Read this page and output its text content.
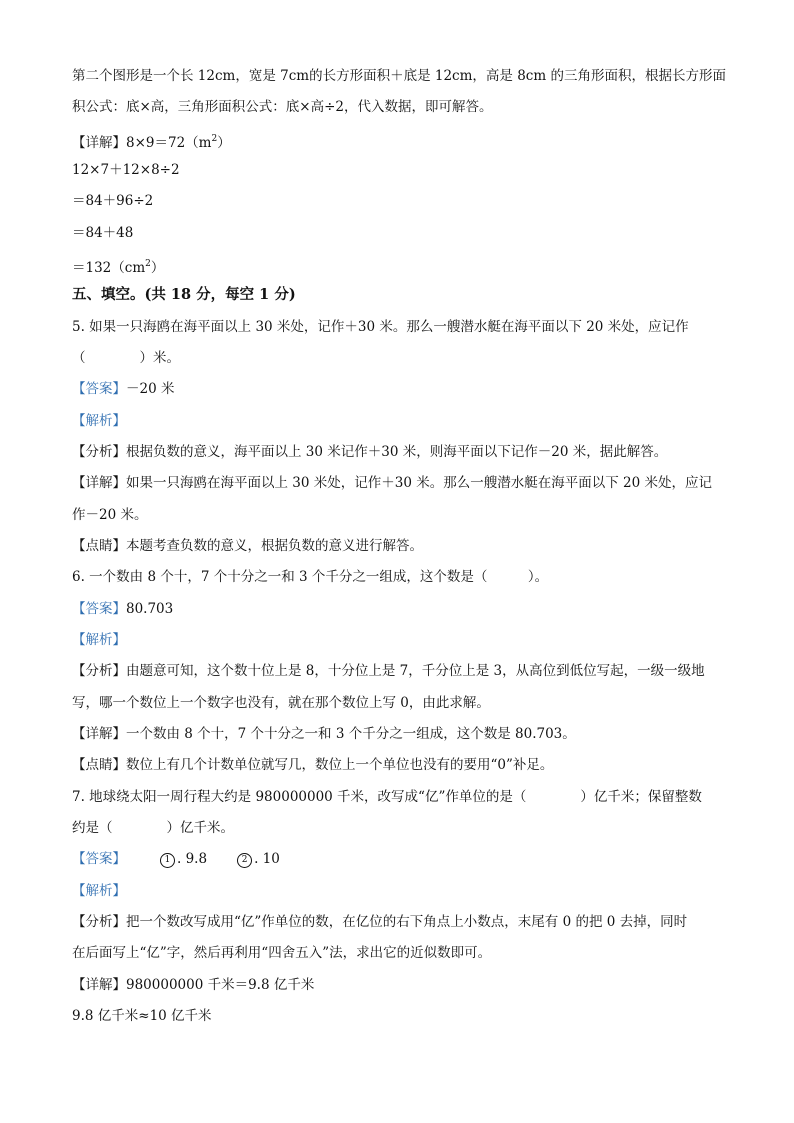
第二个图形是一个长 12cm，宽是 7cm的长方形面积＋底是 12cm，高是 8cm 的三角形面积，根据长方形面
积公式：底×高，三角形面积公式：底×高÷2，代入数据，即可解答。
【详解】$8\times 9=72(m^2)$
12×7＋12×8÷2
＝84＋96÷2
＝84＋48
$=132(cm^2)$
五、填空。(共 18 分，每空 1 分)
5. 如果一只海鸥在海平面以上 30 米处，记作＋30 米。那么一艘潜水艇在海平面以下 20 米处，应记作
（　　　　）米。
【答案】－20 米
【解析】
【分析】根据负数的意义，海平面以上 30 米记作＋30 米，则海平面以下记作－20 米，据此解答。
【详解】如果一只海鸥在海平面以上 30 米处，记作＋30 米。那么一艘潜水艇在海平面以下 20 米处，应记
作－20 米。
【点睛】本题考查负数的意义，根据负数的意义进行解答。
6. 一个数由 8 个十，7 个十分之一和 3 个千分之一组成，这个数是（　　　）。
【答案】80.703
【解析】
【分析】由题意可知，这个数十位上是 8，十分位上是 7，千分位上是 3，从高位到低位写起，一级一级地
写，哪一个数位上一个数字也没有，就在那个数位上写 0，由此求解。
【详解】一个数由 8 个十，7 个十分之一和 3 个千分之一组成，这个数是 80.703。
【点睛】数位上有几个计数单位就写几，数位上一个单位也没有的要用“0”补足。
7. 地球绕太阳一周行程大约是 980000000 千米，改写成“亿”作单位的是（　　　　）亿千米；保留整数
约是（　　　　）亿千米。
【答案】	1 . 9.8	2 . 10
【解析】
【分析】把一个数改写成用“亿”作单位的数，在亿位的右下角点上小数点，末尾有 0 的把 0 去掉，同时
在后面写上“亿”字，然后再利用“四舍五入”法，求出它的近似数即可。
【详解】980000000 千米＝9.8 亿千米
9.8 亿千米≈10 亿千米
